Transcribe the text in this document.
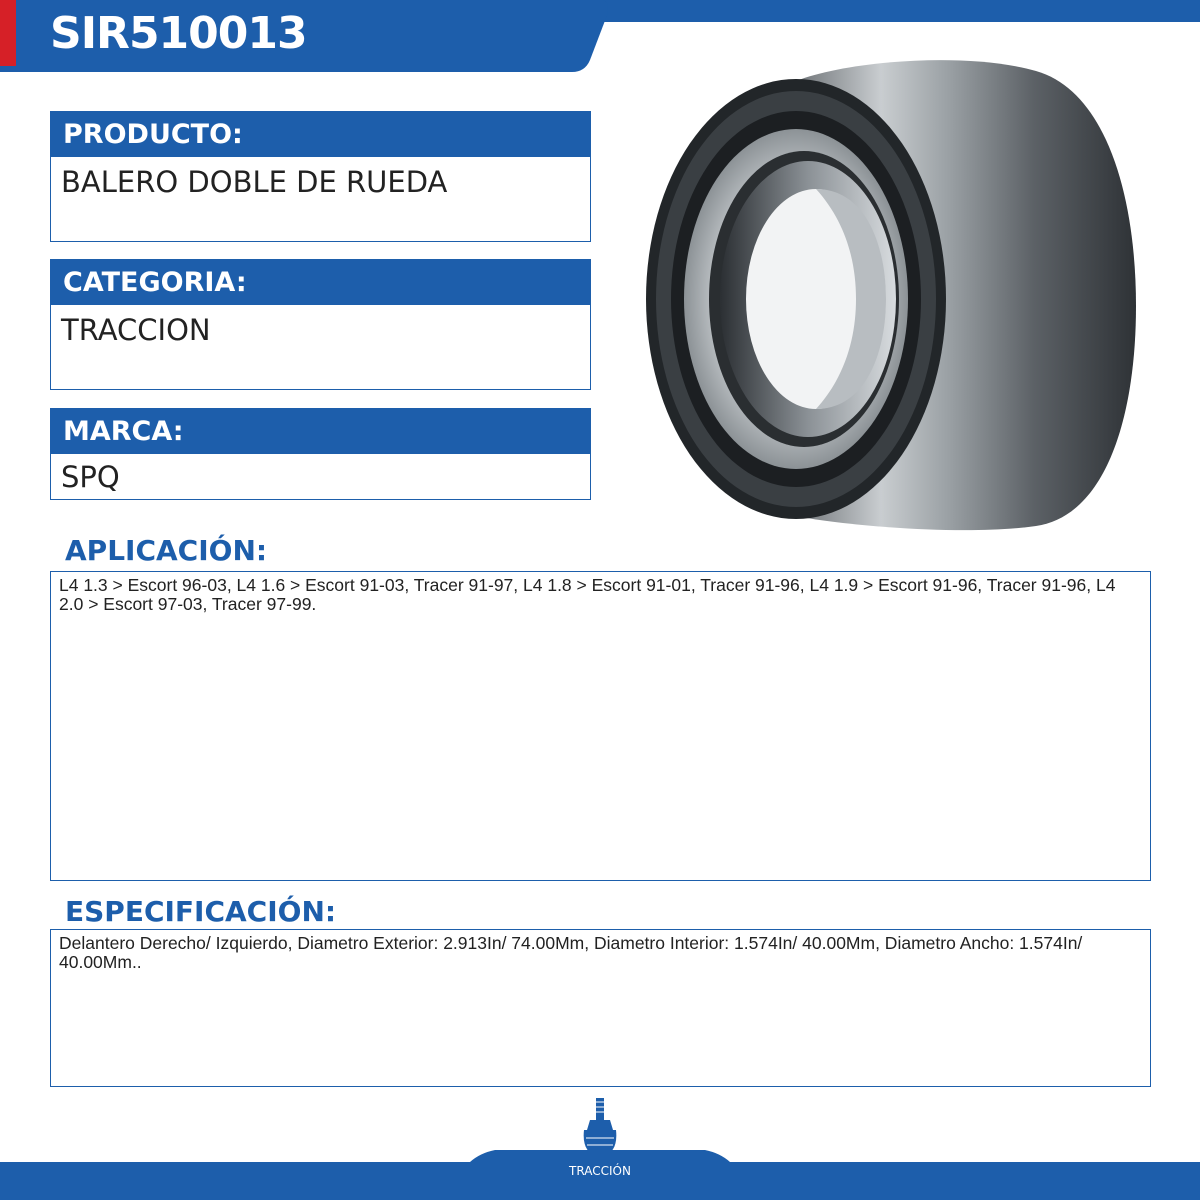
SIR510013
PRODUCTO:
BALERO DOBLE DE RUEDA
CATEGORIA:
TRACCION
MARCA:
SPQ
APLICACIÓN:
L4 1.3 > Escort 96-03, L4 1.6 > Escort 91-03, Tracer 91-97, L4 1.8 > Escort 91-01, Tracer 91-96, L4 1.9 > Escort 91-96, Tracer 91-96, L4 2.0 > Escort 97-03, Tracer 97-99.
ESPECIFICACIÓN:
Delantero Derecho/ Izquierdo, Diametro Exterior: 2.913In/ 74.00Mm, Diametro Interior: 1.574In/ 40.00Mm, Diametro Ancho: 1.574In/ 40.00Mm..
TRACCIÓN
